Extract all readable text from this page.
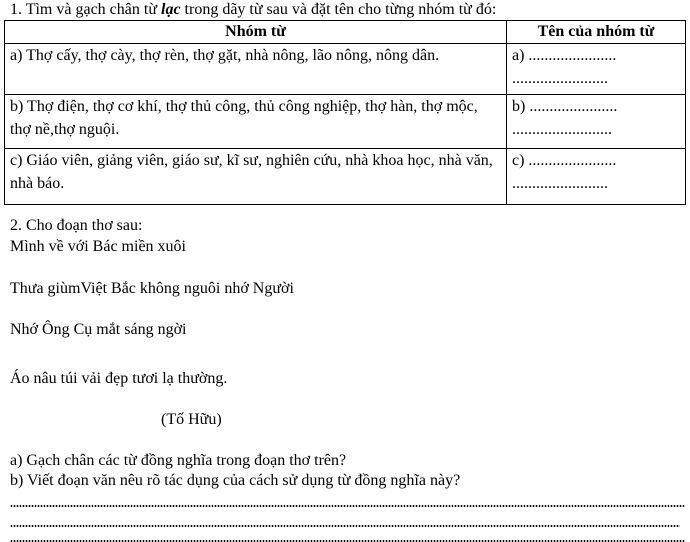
1. Tìm và gạch chân từ lạc trong dãy từ sau và đặt tên cho từng nhóm từ đó:
Nhóm từ	Tên của nhóm từ

a) Thợ cấy, thợ cày, thợ rèn, thợ gặt, nhà nông, lão nông, nông dân.	a) ......................
........................

b) Thợ điện, thợ cơ khí, thợ thủ công, thủ công nghiệp, thợ hàn, thợ mộc, thợ nề,thợ nguội.	b) ......................
.........................

c) Giáo viên, giảng viên, giáo sư, kĩ sư, nghiên cứu, nhà khoa học, nhà văn, nhà báo.	c) ......................
........................
2. Cho đoạn thơ sau:
Mình về với Bác miền xuôi
Thưa giùmViệt Bắc không nguôi nhớ Người
Nhớ Ông Cụ mắt sáng ngời
Áo nâu túi vải đẹp tươi lạ thường.
(Tố Hữu)
a) Gạch chân các từ đồng nghĩa trong đoạn thơ trên?
b) Viết đoạn văn nêu rõ tác dụng của cách sử dụng từ đồng nghĩa này?
